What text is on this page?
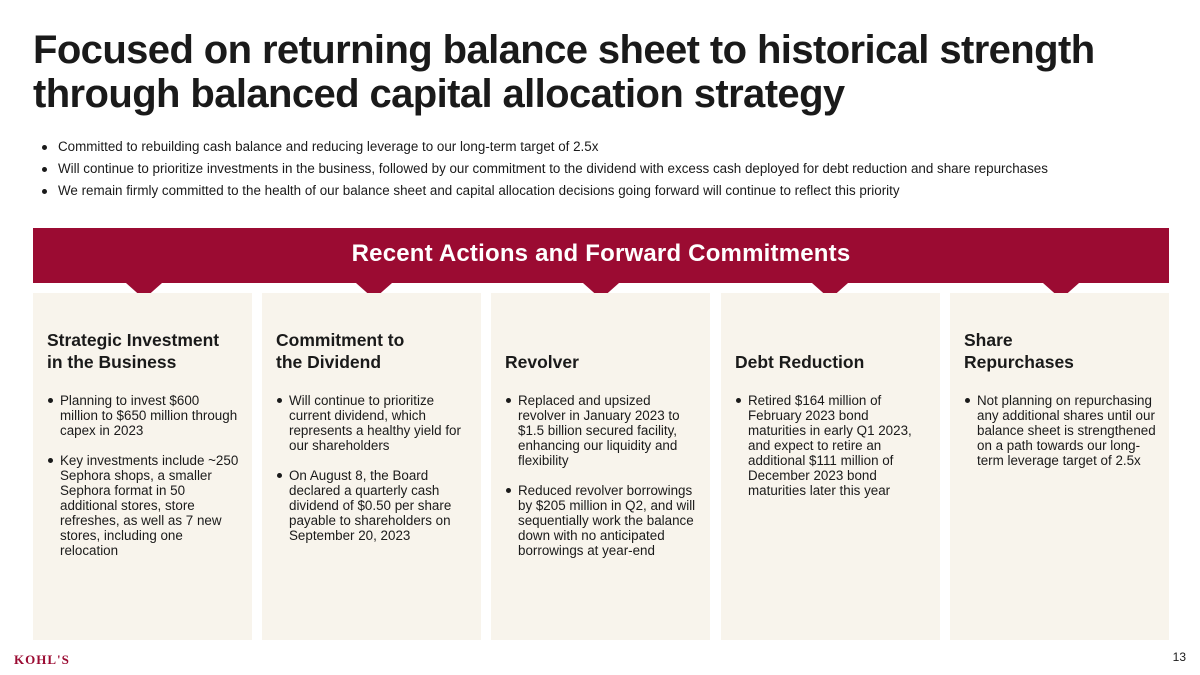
Focused on returning balance sheet to historical strength
through balanced capital allocation strategy
Committed to rebuilding cash balance and reducing leverage to our long-term target of 2.5x
Will continue to prioritize investments in the business, followed by our commitment to the dividend with excess cash deployed for debt reduction and share repurchases
We remain firmly committed to the health of our balance sheet and capital allocation decisions going forward will continue to reflect this priority
Recent Actions and Forward Commitments
Strategic Investment
in the Business
Planning to invest $600 million to $650 million through capex in 2023
Key investments include ~250 Sephora shops, a smaller Sephora format in 50 additional stores, store refreshes, as well as 7 new stores, including one relocation
Commitment to
the Dividend
Will continue to prioritize current dividend, which represents a healthy yield for our shareholders
On August 8, the Board declared a quarterly cash dividend of $0.50 per share payable to shareholders on September 20, 2023
Revolver
Replaced and upsized revolver in January 2023 to $1.5 billion secured facility, enhancing our liquidity and flexibility
Reduced revolver borrowings by $205 million in Q2, and will sequentially work the balance down with no anticipated borrowings at year-end
Debt Reduction
Retired $164 million of February 2023 bond maturities in early Q1 2023, and expect to retire an additional $111 million of December 2023 bond maturities later this year
Share
Repurchases
Not planning on repurchasing any additional shares until our balance sheet is strengthened on a path towards our long-term leverage target of 2.5x
KOHL'S	13
